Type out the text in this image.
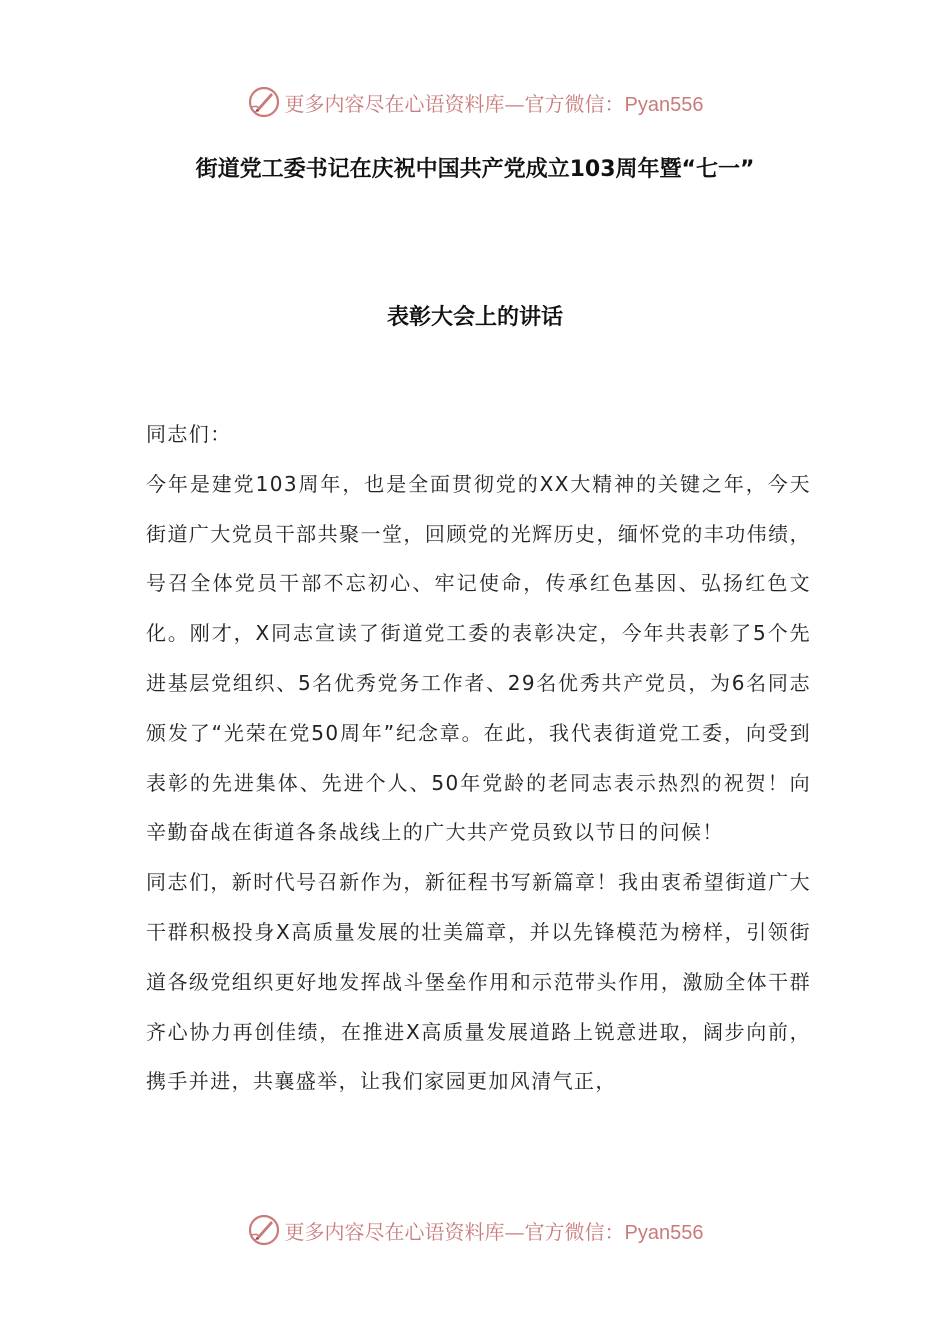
更多内容尽在心语资料库—官方微信：Pyan556
街道党工委书记在庆祝中国共产党成立103周年暨“七一”
表彰大会上的讲话

同志们：

今年是建党103周年，也是全面贯彻党的XX大精神的关键之年，今天街道广大党员干部共聚一堂，回顾党的光辉历史，缅怀党的丰功伟绩，号召全体党员干部不忘初心、牢记使命，传承红色基因、弘扬红色文化。刚才，X同志宣读了街道党工委的表彰决定，今年共表彰了5个先进基层党组织、5名优秀党务工作者、29名优秀共产党员，为6名同志颁发了“光荣在党50周年”纪念章。在此，我代表街道党工委，向受到表彰的先进集体、先进个人、50年党龄的老同志表示热烈的祝贺！向辛勤奋战在街道各条战线上的广大共产党员致以节日的问候！

同志们，新时代号召新作为，新征程书写新篇章！我由衷希望街道广大干群积极投身X高质量发展的壮美篇章，并以先锋模范为榜样，引领街道各级党组织更好地发挥战斗堡垒作用和示范带头作用，激励全体干群齐心协力再创佳绩，在推进X高质量发展道路上锐意进取，阔步向前，携手并进，共襄盛举，让我们家园更加风清气正，

更多内容尽在心语资料库—官方微信：Pyan556
